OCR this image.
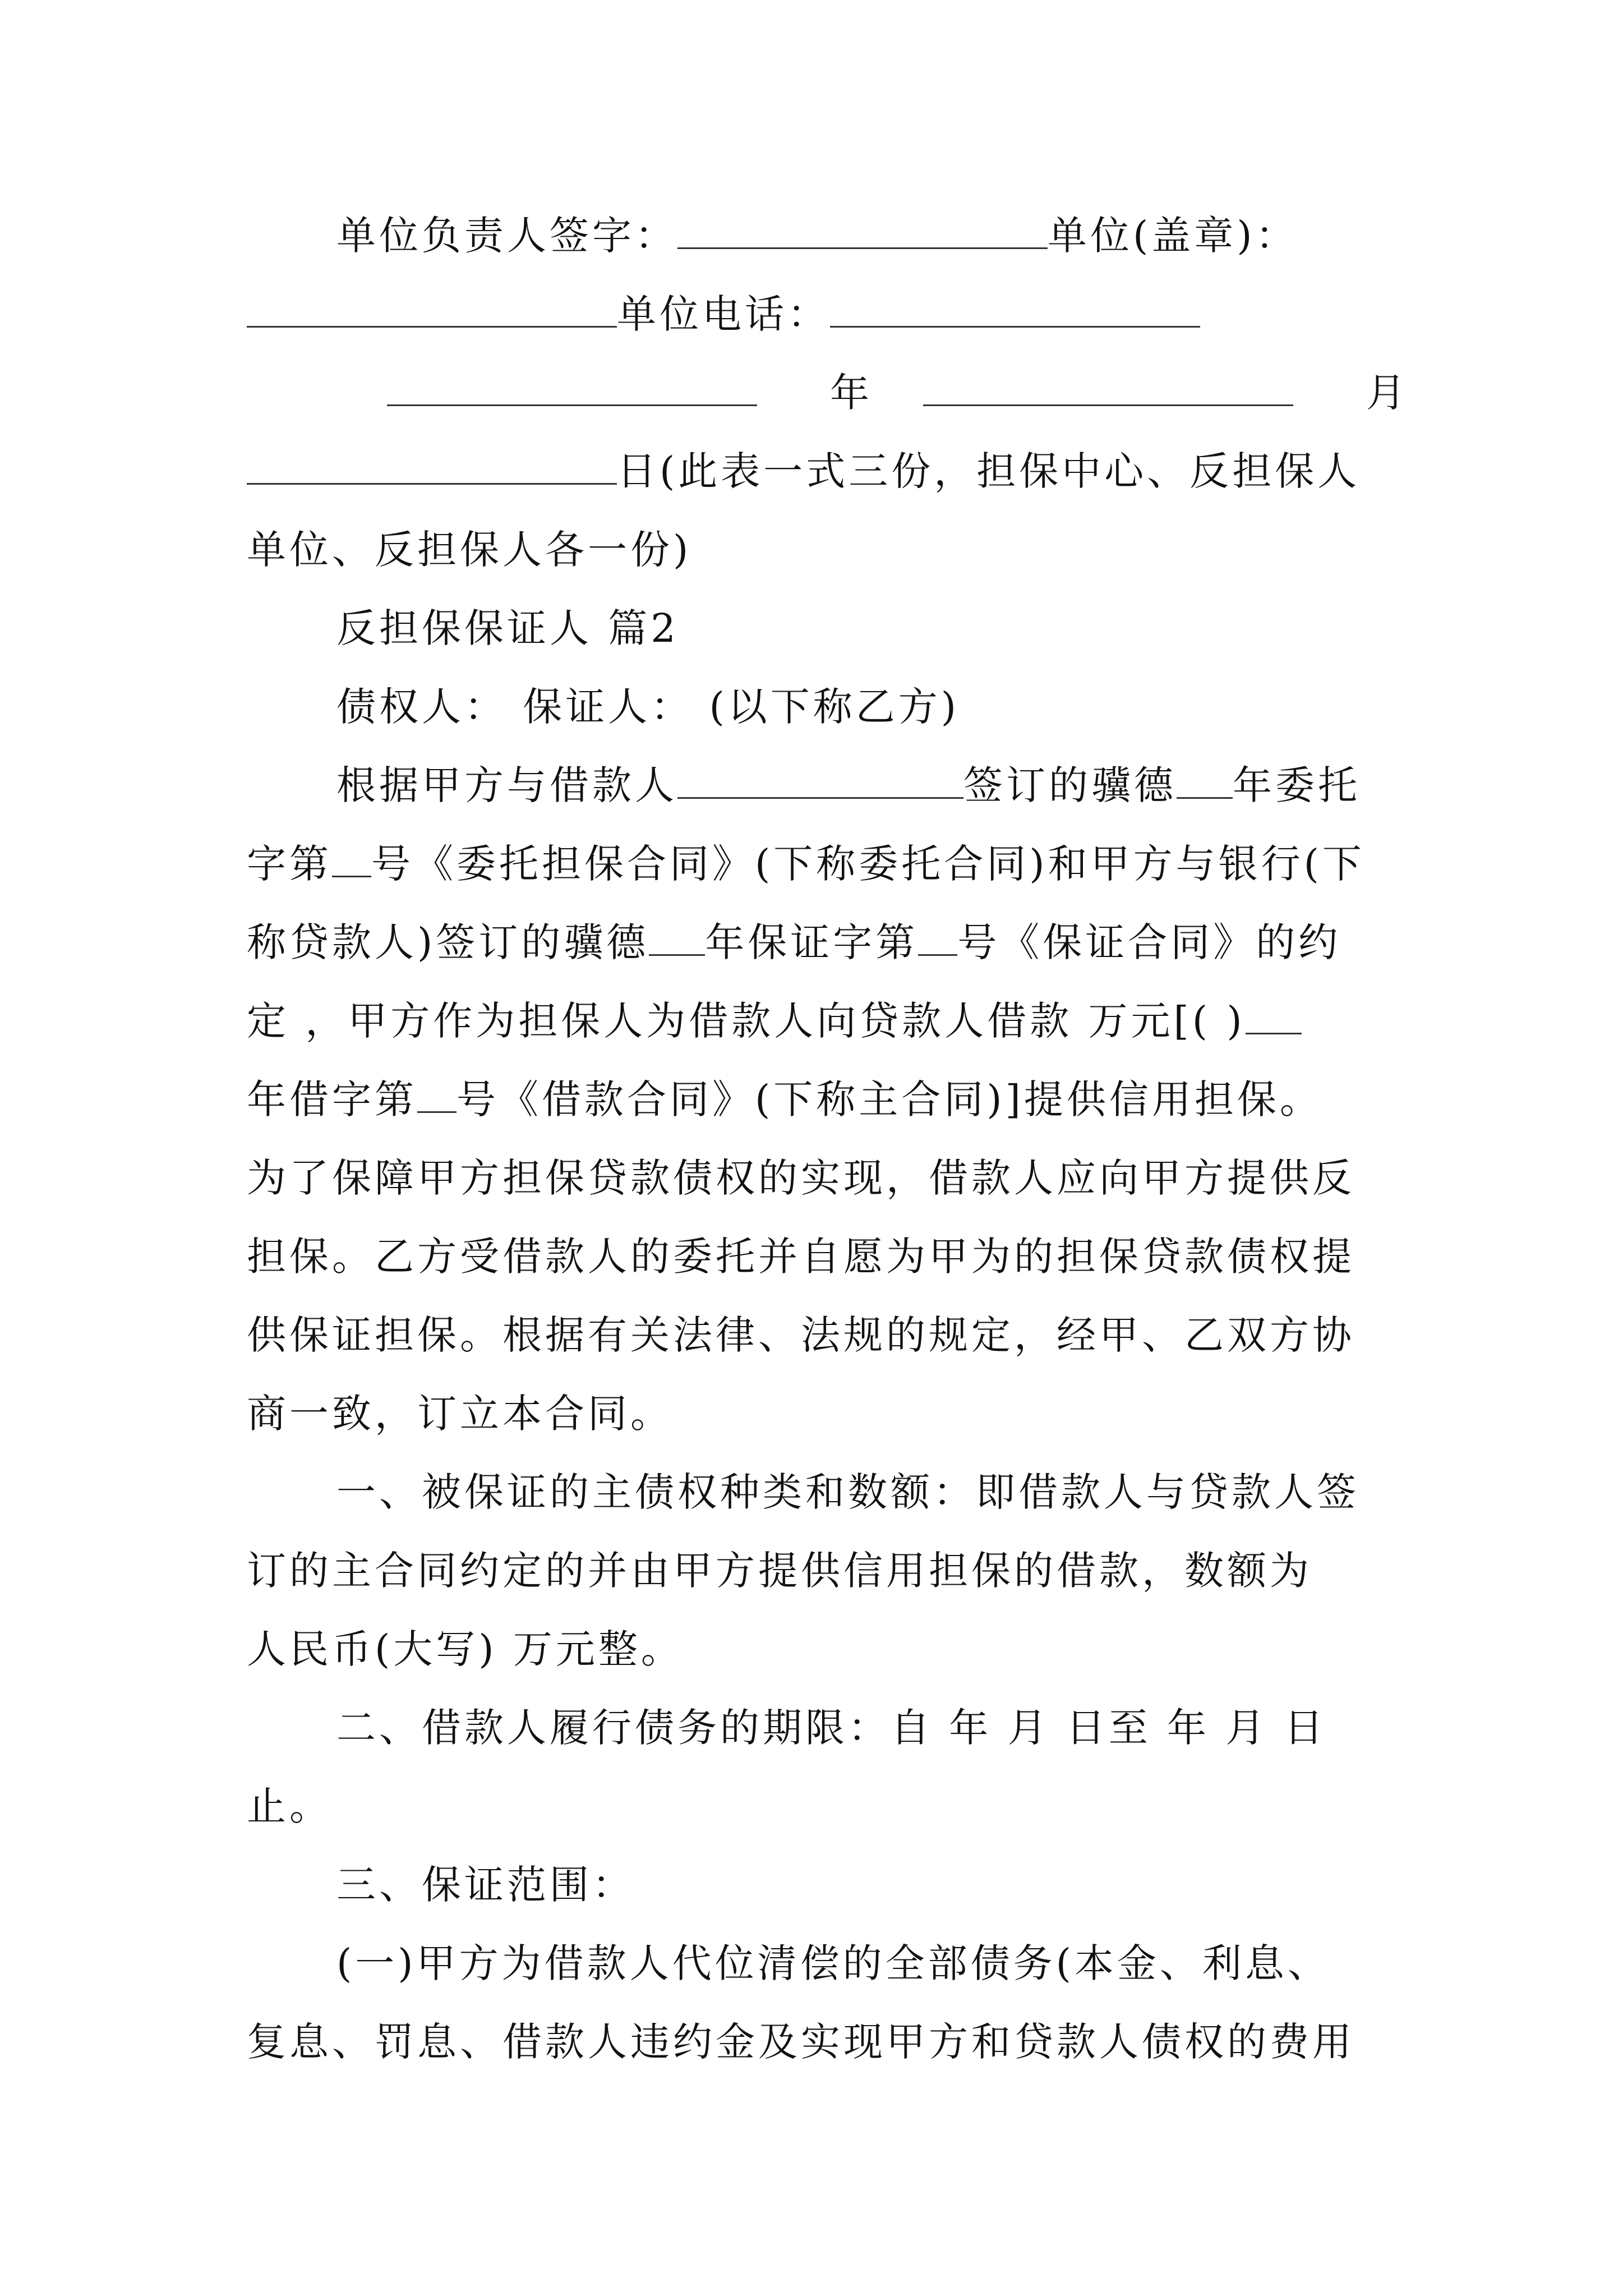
单位负责人签字：	单位(盖章)：
单位电话：
年	月
日(此表一式三份，担保中心、反担保人
单位、反担保人各一份)
反担保保证人 篇2
债权人： 保证人： (以下称乙方)
根据甲方与借款人	签订的骥德 年委托
字第 号《委托担保合同》(下称委托合同)和甲方与银行(下
称贷款人)签订的骥德 年保证字第 号《保证合同》的约
定 ，甲方作为担保人为借款人向贷款人借款 万元[( )
年借字第 号《借款合同》(下称主合同)]提供信用担保。
为了保障甲方担保贷款债权的实现，借款人应向甲方提供反
担保。乙方受借款人的委托并自愿为甲为的担保贷款债权提
供保证担保。根据有关法律、法规的规定，经甲、乙双方协
商一致，订立本合同。
一、被保证的主债权种类和数额：即借款人与贷款人签
订的主合同约定的并由甲方提供信用担保的借款，数额为
人民币(大写) 万元整。
二、借款人履行债务的期限：自 年 月 日至 年 月 日
止。
三、保证范围：
(一)甲方为借款人代位清偿的全部债务(本金、利息、
复息、罚息、借款人违约金及实现甲方和贷款人债权的费用
